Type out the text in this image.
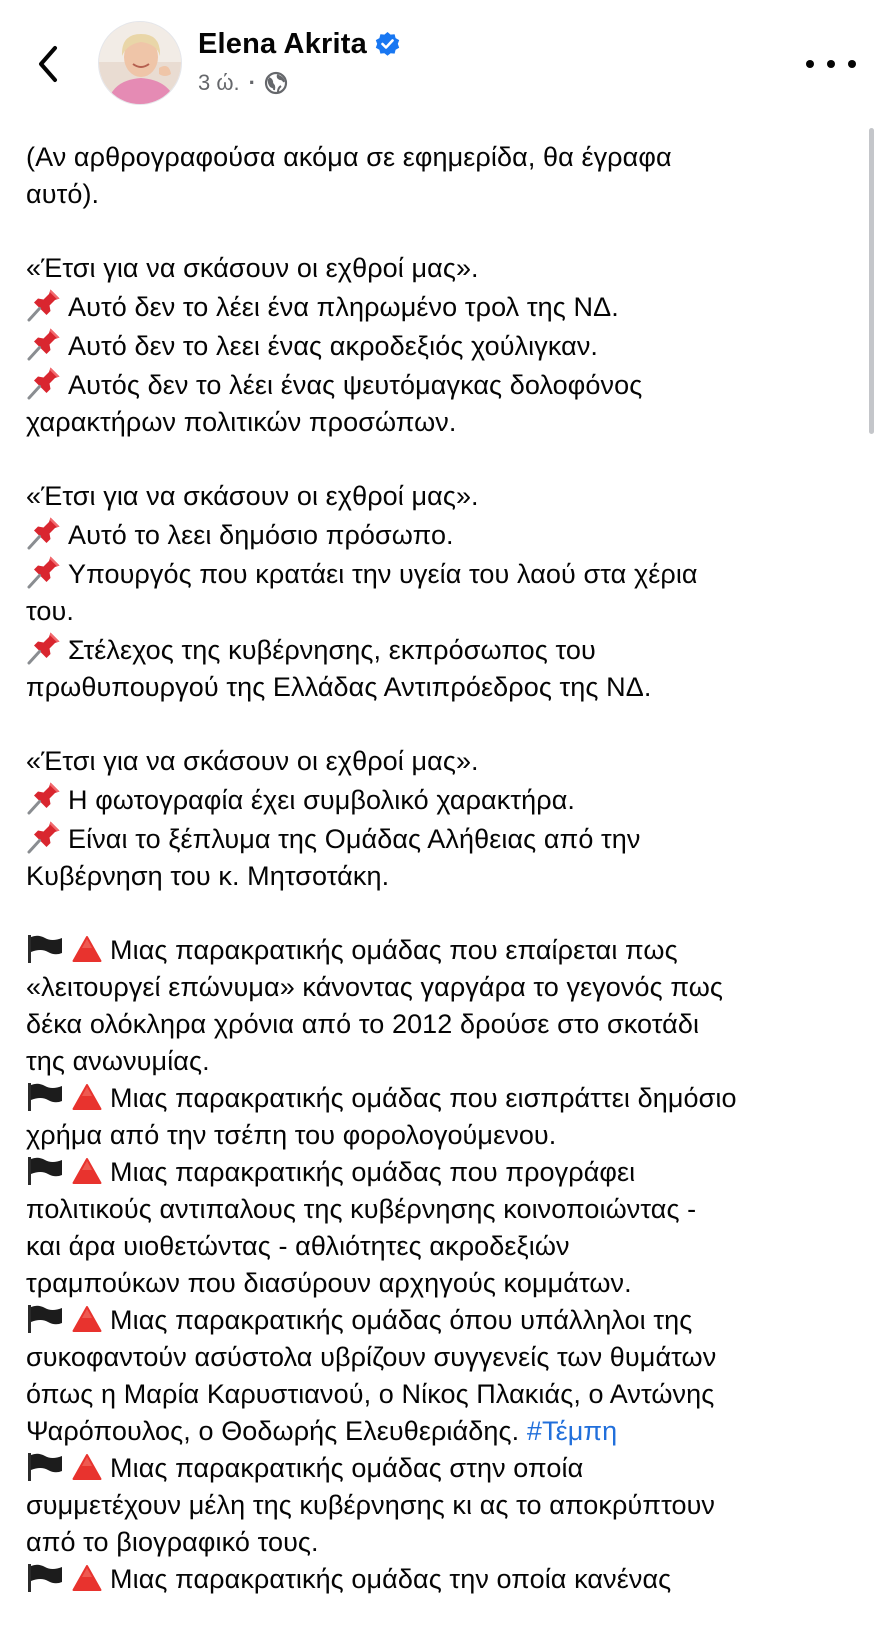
Elena Akrita
3 ώ. ·
(Αν αρθρογραφούσα ακόμα σε εφημερίδα, θα έγραφα
αυτό).
«Έτσι για να σκάσουν οι εχθροί μας».
Αυτό δεν το λέει ένα πληρωμένο τρολ της ΝΔ.
Αυτό δεν το λεει ένας ακροδεξιός χούλιγκαν.
Αυτός δεν το λέει ένας ψευτόμαγκας δολοφόνος
χαρακτήρων πολιτικών προσώπων.
«Έτσι για να σκάσουν οι εχθροί μας».
Αυτό το λεει δημόσιο πρόσωπο.
Υπουργός που κρατάει την υγεία του λαού στα χέρια
του.
Στέλεχος της κυβέρνησης, εκπρόσωπος του
πρωθυπουργού της Ελλάδας Αντιπρόεδρος της ΝΔ.
«Έτσι για να σκάσουν οι εχθροί μας».
Η φωτογραφία έχει συμβολικό χαρακτήρα.
Είναι το ξέπλυμα της Ομάδας Αλήθειας από την
Κυβέρνηση του κ. Μητσοτάκη.
Μιας παρακρατικής ομάδας που επαίρεται πως
«λειτουργεί επώνυμα» κάνοντας γαργάρα το γεγονός πως
δέκα ολόκληρα χρόνια από το 2012 δρούσε στο σκοτάδι
της ανωνυμίας.
Μιας παρακρατικής ομάδας που εισπράττει δημόσιο
χρήμα από την τσέπη του φορολογούμενου.
Μιας παρακρατικής ομάδας που προγράφει
πολιτικούς αντιπαλους της κυβέρνησης κοινοποιώντας -
και άρα υιοθετώντας - αθλιότητες ακροδεξιών
τραμπούκων που διασύρουν αρχηγούς κομμάτων.
Μιας παρακρατικής ομάδας όπου υπάλληλοι της
συκοφαντούν ασύστολα υβρίζουν συγγενείς των θυμάτων
όπως η Μαρία Καρυστιανού, ο Νίκος Πλακιάς, ο Αντώνης
Ψαρόπουλος, ο Θοδωρής Ελευθεριάδης. #Τέμπη
Μιας παρακρατικής ομάδας στην οποία
συμμετέχουν μέλη της κυβέρνησης κι ας το αποκρύπτουν
από το βιογραφικό τους.
Μιας παρακρατικής ομάδας την οποία κανένας
